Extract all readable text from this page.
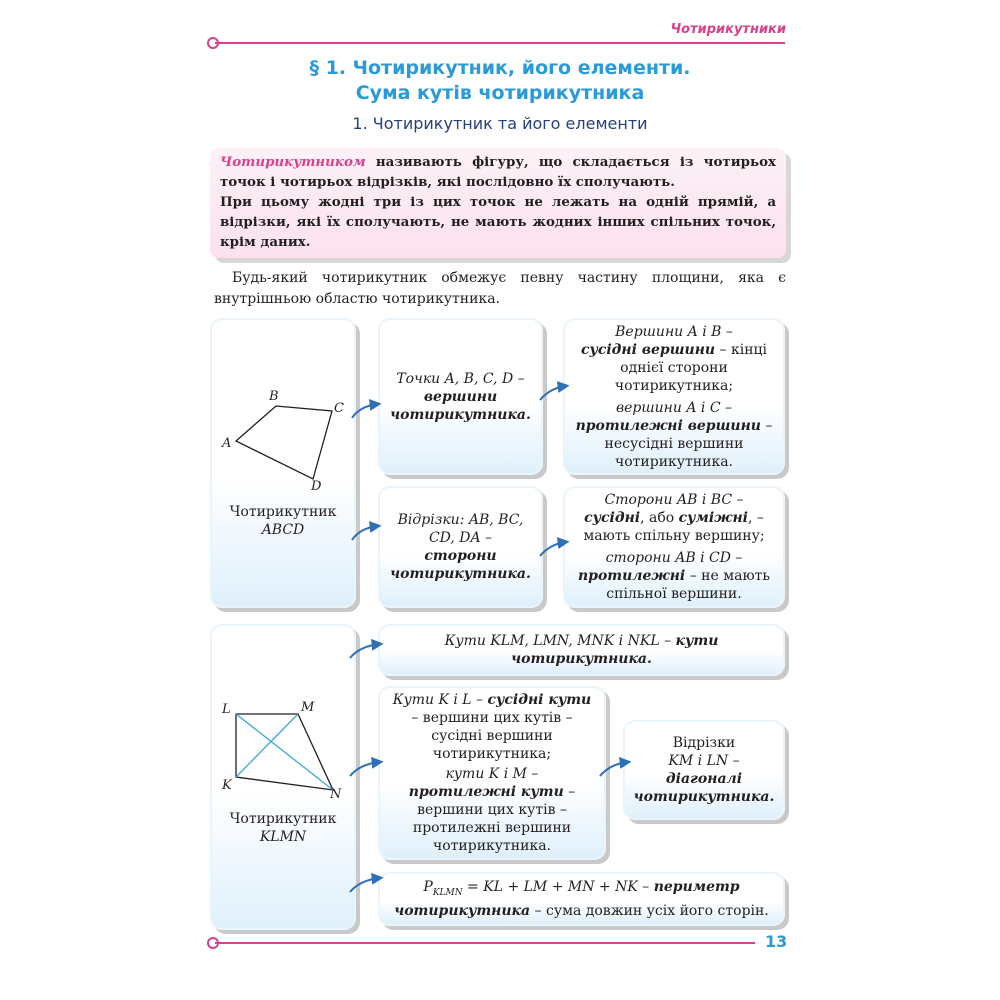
Чотирикутники
§ 1. Чотирикутник, його елементи.
Сума кутів чотирикутника
1. Чотирикутник та його елементи
Чотирикутником називають фігуру, що складається із чотирьох точок і чотирьох відрізків, які послідовно їх сполучають.
При цьому жодні три із цих точок не лежать на одній прямій, а відрізки, які їх сполучають, не мають жодних інших спільних точок, крім даних.

Будь-який чотирикутник обмежує певну частину площини, яка є внутрішньою областю чотирикутника.

A
B
C
D
Чотирикутник
ABCD

Точки A, B, C, D –

вершини чотирикутника.

Вершини A і B –
сусідні вершини – кінці однієї сторони чотирикутника;

вершини A і C –
протилежні вершини – несусідні вершини чотирикутника.

Відрізки: AB, BC, CD, DA –

сторони чотирикутника.

Сторони AB і BC –
сусідні, або суміжні, – мають спільну вершину;

сторони AB і CD –
протилежні – не мають спільної вершини.

L	M
K
N
Чотирикутник
KLMN

Кути KLM, LMN, MNK і NKL – кути чотирикутника.

Кути K і L – сусідні кути – вершини цих кутів – сусідні вершини чотирикутника;

кути K і M – протилежні кути – вершини цих кутів – протилежні вершини чотирикутника.

Відрізки

KM і LN –

діагоналі чотирикутника.

$P_{KLMN}$ = KL + LM + MN + NK – периметр чотирикутника – сума довжин усіх його сторін.

13
